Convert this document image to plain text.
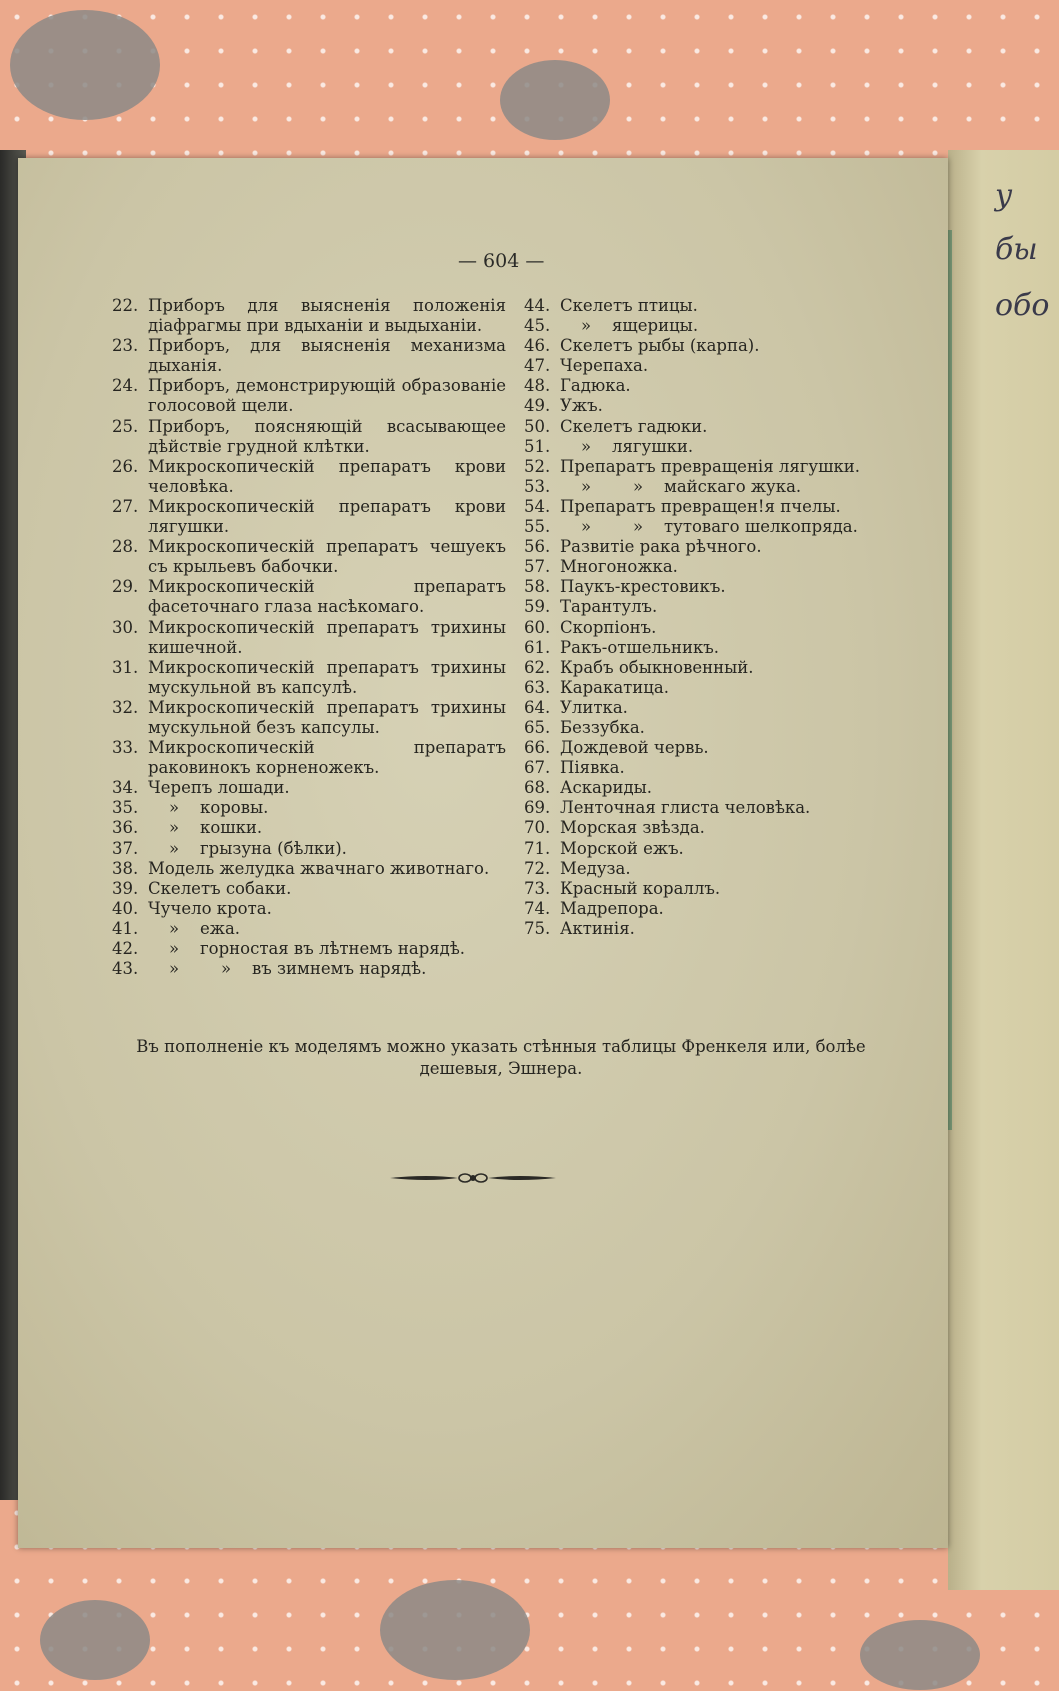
у
бы
обо
— 604 —
22. Приборъ для выясненія положенія діафрагмы при вдыханіи и выдыханіи.
23. Приборъ, для выясненія механизма дыханія.
24. Приборъ, демонстрирующій образованіе голосовой щели.
25. Приборъ, поясняющій всасывающее дѣйствіе грудной клѣтки.
26. Микроскопическій препаратъ крови человѣка.
27. Микроскопическій препаратъ крови лягушки.
28. Микроскопическій препаратъ чешуекъ съ крыльевъ бабочки.
29. Микроскопическій препаратъ фасеточнаго глаза насѣкомаго.
30. Микроскопическій препаратъ трихины кишечной.
31. Микроскопическій препаратъ трихины мускульной въ капсулѣ.
32. Микроскопическій препаратъ трихины мускульной безъ капсулы.
33. Микроскопическій препаратъ раковинокъ корненожекъ.
34. Черепъ лошади.
35.	» коровы.
36.	» кошки.
37.	» грызуна (бѣлки).
38. Модель желудка жвачнаго животнаго.
39. Скелетъ собаки.
40. Чучело крота.
41.	» ежа.
42.	» горностая въ лѣтнемъ нарядѣ.
43.	»	» въ зимнемъ нарядѣ.
44. Скелетъ птицы.
45.	» ящерицы.
46. Скелетъ рыбы (карпа).
47. Черепаха.
48. Гадюка.
49. Ужъ.
50. Скелетъ гадюки.
51.	» лягушки.
52. Препаратъ превращенія лягушки.
53.	»	» майскаго жука.
54. Препаратъ превращен!я пчелы.
55.	»	» тутоваго шелкопряда.
56. Развитіе рака рѣчного.
57. Многоножка.
58. Паукъ-крестовикъ.
59. Тарантулъ.
60. Скорпіонъ.
61. Ракъ-отшельникъ.
62. Крабъ обыкновенный.
63. Каракатица.
64. Улитка.
65. Беззубка.
66. Дождевой червь.
67. Піявка.
68. Аскариды.
69. Ленточная глиста человѣка.
70. Морская звѣзда.
71. Морской ежъ.
72. Медуза.
73. Красный кораллъ.
74. Мадрепора.
75. Актинія.
Въ пополненіе къ моделямъ можно указать стѣнныя таблицы Френкеля или, болѣе дешевыя, Эшнера.
